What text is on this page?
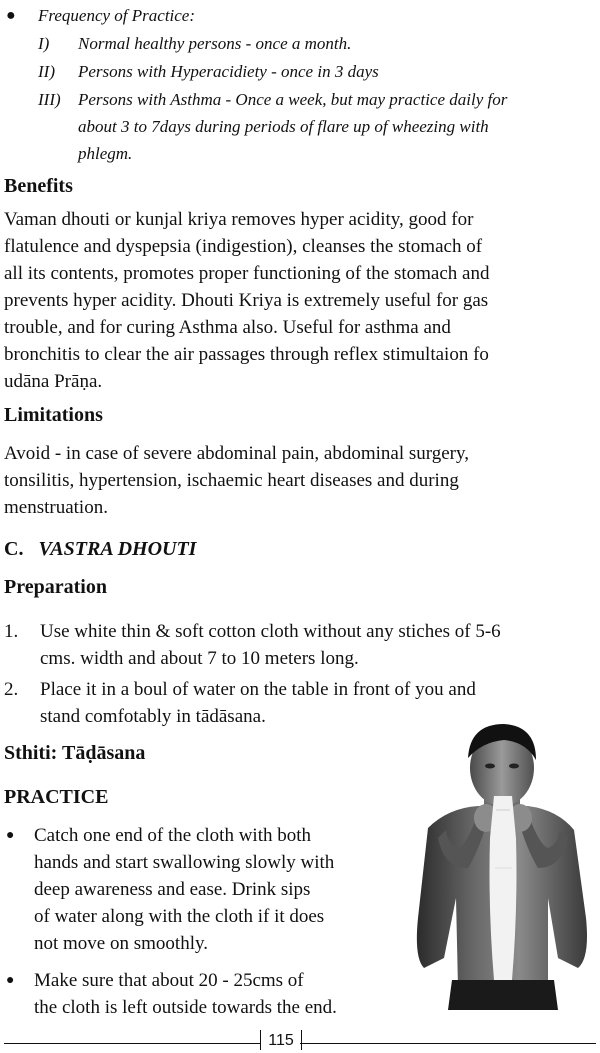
●	Frequency of Practice:
I)	Normal healthy persons - once a month.
II)	Persons with Hyperacidiety - once in 3 days
III)	Persons with Asthma - Once a week, but may practice daily for
about 3 to 7days during periods of flare up of wheezing with
phlegm.
Benefits
Vaman dhouti or kunjal kriya removes hyper acidity, good for
flatulence and dyspepsia (indigestion), cleanses the stomach of
all its contents, promotes proper functioning of the stomach and
prevents hyper acidity. Dhouti Kriya is extremely useful for gas
trouble, and for curing Asthma also. Useful for asthma and
bronchitis to clear the air passages through reflex stimultaion fo
udāna Prāṇa.
Limitations
Avoid - in case of severe abdominal pain, abdominal surgery,
tonsilitis, hypertension, ischaemic heart diseases and during
menstruation.
C. VASTRA DHOUTI
Preparation
1.	Use white thin & soft cotton cloth without any stiches of 5-6
cms. width and about 7 to 10 meters long.
2.	Place it in a boul of water on the table in front of you and
stand comfotably in tādāsana.
Sthiti: Tāḍāsana
PRACTICE
●	Catch one end of the cloth with both
hands and start swallowing slowly with
deep awareness and ease. Drink sips
of water along with the cloth if it does
not move on smoothly.
●	Make sure that about 20 - 25cms of
the cloth is left outside towards the end.
115
